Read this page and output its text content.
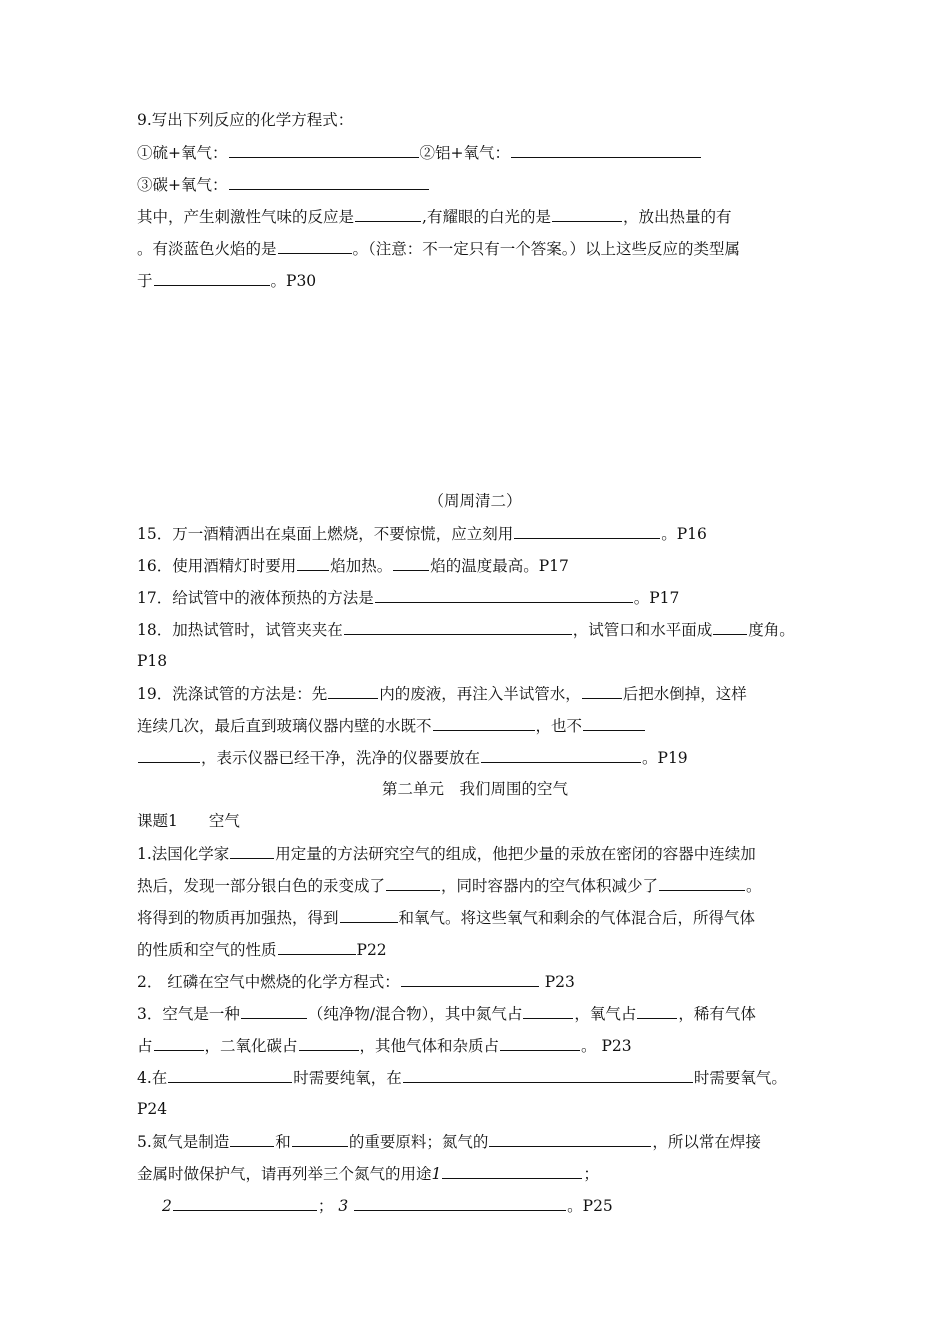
9.写出下列反应的化学方程式：
①硫+氧气：	②铝+氧气：
③碳+氧气：
其中，产生刺激性气味的反应是	,有耀眼的白光的是	，放出热量的有
。有淡蓝色火焰的是	。（注意：不一定只有一个答案。）以上这些反应的类型属
于	。P30
（周周清二）
15．万一酒精洒出在桌面上燃烧，不要惊慌，应立刻用	。P16
16．使用酒精灯时要用 焰加热。 焰的温度最高。P17
17．给试管中的液体预热的方法是	。P17
18．加热试管时，试管夹夹在	，试管口和水平面成 度角。
P18
19．洗涤试管的方法是：先	内的废液，再注入半试管水，	后把水倒掉，这样
连续几次，最后直到玻璃仪器内壁的水既不	，也不
，表示仪器已经干净，洗净的仪器要放在	。P19
第二单元　我们周围的空气
课题1　　空气
1.法国化学家	用定量的方法研究空气的组成，他把少量的汞放在密闭的容器中连续加
热后，发现一部分银白色的汞变成了	，同时容器内的空气体积减少了	。
将得到的物质再加强热，得到	和氧气。将这些氧气和剩余的气体混合后，所得气体
的性质和空气的性质	P22
2． 红磷在空气中燃烧的化学方程式：	P23
3．空气是一种	（纯净物/混合物），其中氮气占	，氧气占	，稀有气体
占	，二氧化碳占	，其他气体和杂质占	。 P23
4.在	时需要纯氧，在	时需要氧气。
P24
5.氮气是制造	和	的重要原料；氮气的	，所以常在焊接
金属时做保护气，请再列举三个氮气的用途1	；
2	； 3	。P25
